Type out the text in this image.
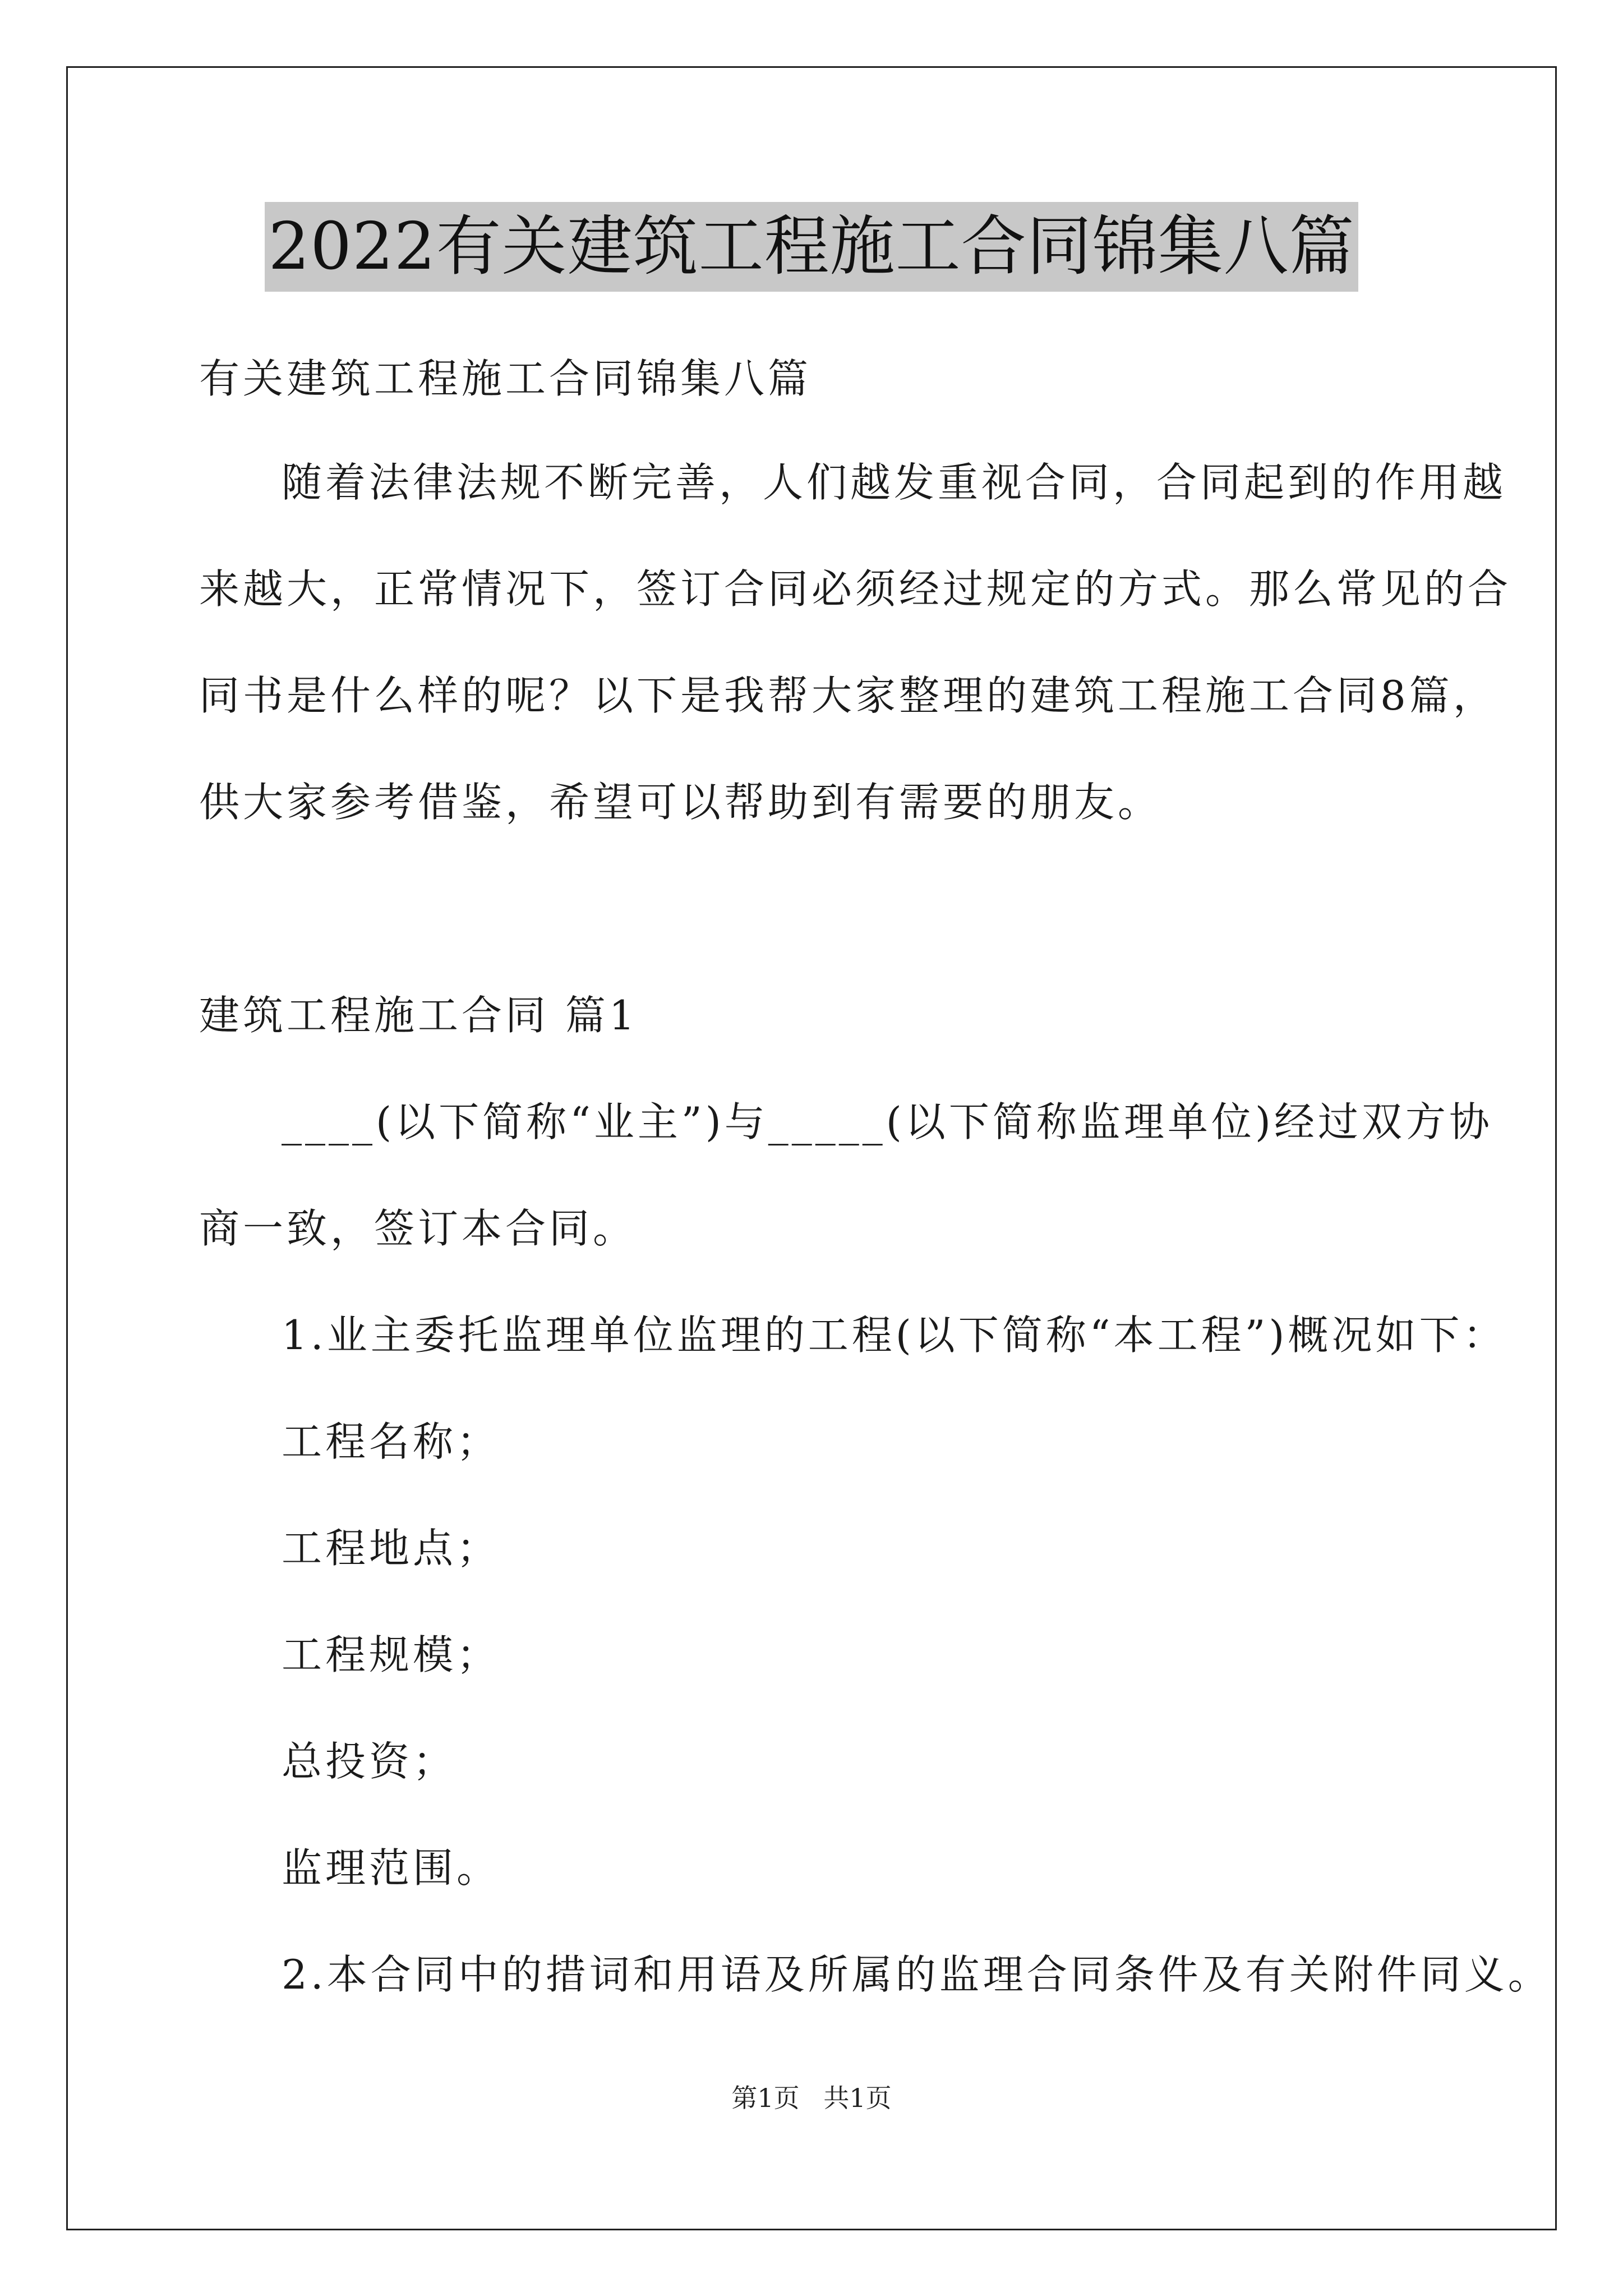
2022有关建筑工程施工合同锦集八篇
有关建筑工程施工合同锦集八篇
随着法律法规不断完善，人们越发重视合同，合同起到的作用越
来越大，正常情况下，签订合同必须经过规定的方式。那么常见的合
同书是什么样的呢？以下是我帮大家整理的建筑工程施工合同8篇，
供大家参考借鉴，希望可以帮助到有需要的朋友。
建筑工程施工合同 篇1
____(以下简称“业主”)与_____(以下简称监理单位)经过双方协
商一致，签订本合同。
1.业主委托监理单位监理的工程(以下简称“本工程”)概况如下：
工程名称；
工程地点；
工程规模；
总投资；
监理范围。
2.本合同中的措词和用语及所属的监理合同条件及有关附件同义。
第1页 共1页
